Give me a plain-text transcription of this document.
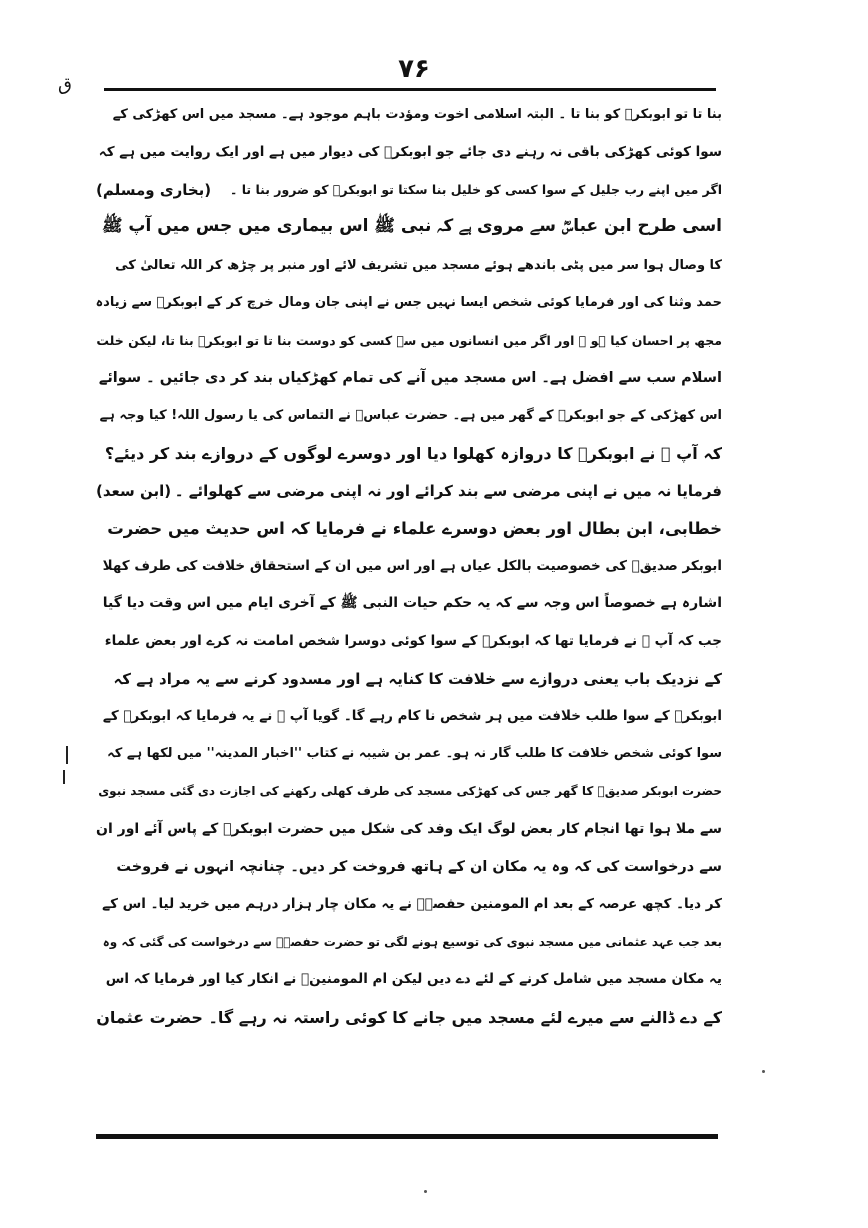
ق
۷۶
بنا تا تو ابوبکرؓ کو بنا تا ۔ البتہ اسلامی اخوت ومؤدت باہم موجود ہے۔ مسجد میں اس کھڑکی کے
سوا کوئی کھڑکی باقی نہ رہنے دی جائے جو ابوبکرؓ کی دیوار میں ہے اور ایک روایت میں ہے کہ
اگر میں اپنے رب جلیل کے سوا کسی کو خلیل بنا سکتا تو ابوبکرؓ کو ضرور بنا تا ۔
(بخاری ومسلم)
اسی طرح ابن عباسؓ سے مروی ہے کہ نبی ﷺ اس بیماری میں جس میں آپ ﷺ
کا وصال ہوا سر میں پٹی باندھے ہوئے مسجد میں تشریف لائے اور منبر پر چڑھ کر اللہ تعالیٰ کی
حمد وثنا کی اور فرمایا کوئی شخص ایسا نہیں جس نے اپنی جان ومال خرچ کر کے ابوبکرؓ سے زیادہ
مجھ پر احسان کیا ہو ۔ اور اگر میں انسانوں میں سے کسی کو دوست بنا تا تو ابوبکرؓ بنا تا، لیکن خلت
اسلام سب سے افضل ہے۔ اس مسجد میں آنے کی تمام کھڑکیاں بند کر دی جائیں ۔ سوائے
اس کھڑکی کے جو ابوبکرؓ کے گھر میں ہے۔ حضرت عباسؓ نے التماس کی یا رسول اللہ! کیا وجہ ہے
کہ آپ ﷺ نے ابوبکرؓ کا دروازہ کھلوا دیا اور دوسرے لوگوں کے دروازے بند کر دیئے؟
فرمایا نہ میں نے اپنی مرضی سے بند کرائے اور نہ اپنی مرضی سے کھلوائے ۔
(ابن سعد)
خطابی، ابن بطال اور بعض دوسرے علماء نے فرمایا کہ اس حدیث میں حضرت
ابوبکر صدیقؓ کی خصوصیت بالکل عیاں ہے اور اس میں ان کے استحقاق خلافت کی طرف کھلا
اشارہ ہے خصوصاً اس وجہ سے کہ یہ حکم حیات النبی ﷺ کے آخری ایام میں اس وقت دیا گیا
جب کہ آپ ﷺ نے فرمایا تھا کہ ابوبکرؓ کے سوا کوئی دوسرا شخص امامت نہ کرے اور بعض علماء
کے نزدیک باب یعنی دروازے سے خلافت کا کنایہ ہے اور مسدود کرنے سے یہ مراد ہے کہ
ابوبکرؓ کے سوا طلب خلافت میں ہر شخص نا کام رہے گا۔ گویا آپ ﷺ نے یہ فرمایا کہ ابوبکرؓ کے
سوا کوئی شخص خلافت کا طلب گار نہ ہو۔ عمر بن شیبہ نے کتاب ''اخبار المدینہ'' میں لکھا ہے کہ
حضرت ابوبکر صدیقؓ کا گھر جس کی کھڑکی مسجد کی طرف کھلی رکھنے کی اجازت دی گئی مسجد نبوی
سے ملا ہوا تھا انجام کار بعض لوگ ایک وفد کی شکل میں حضرت ابوبکرؓ کے پاس آئے اور ان
سے درخواست کی کہ وہ یہ مکان ان کے ہاتھ فروخت کر دیں۔ چنانچہ انہوں نے فروخت
کر دیا۔ کچھ عرصہ کے بعد ام المومنین حفصہؓ نے یہ مکان چار ہزار درہم میں خرید لیا۔ اس کے
بعد جب عہد عثمانی میں مسجد نبوی کی توسیع ہونے لگی تو حضرت حفصہؓ سے درخواست کی گئی کہ وہ
یہ مکان مسجد میں شامل کرنے کے لئے دے دیں لیکن ام المومنینؓ نے انکار کیا اور فرمایا کہ اس
کے دے ڈالنے سے میرے لئے مسجد میں جانے کا کوئی راستہ نہ رہے گا۔ حضرت عثمان
